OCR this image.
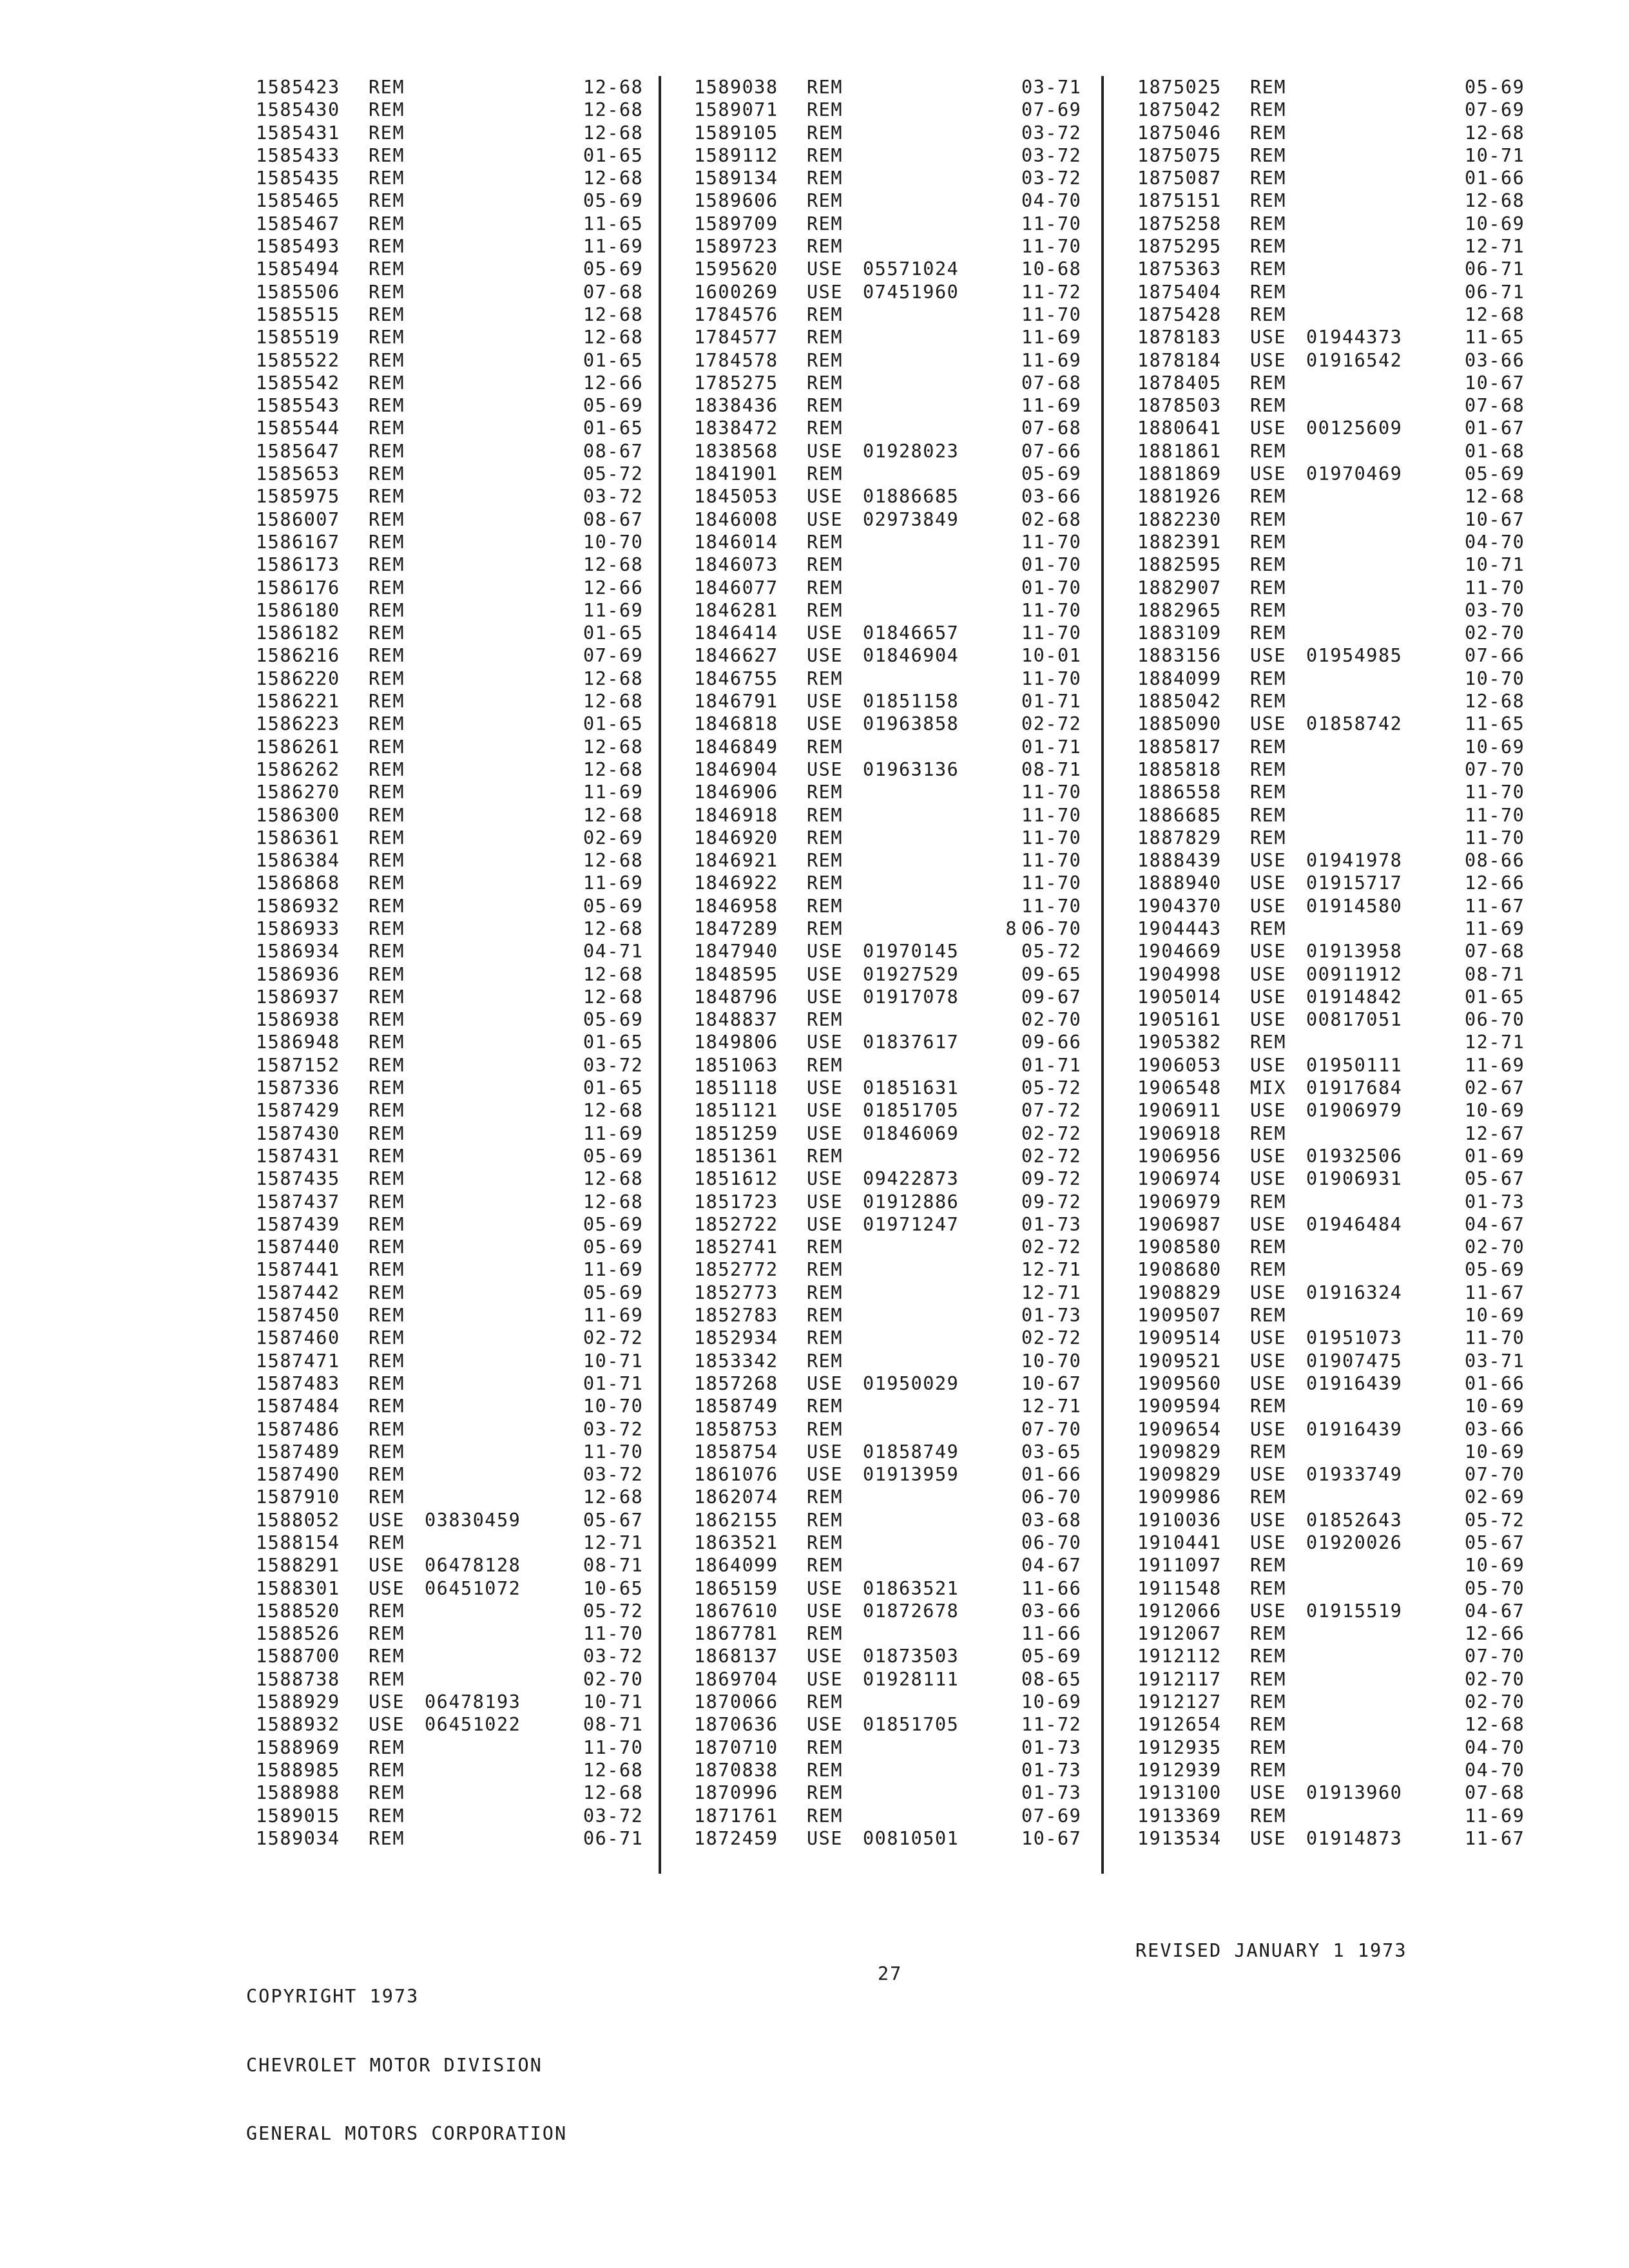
1585423 REM	12-68
1585430 REM	12-68
1585431 REM	12-68
1585433 REM	01-65
1585435 REM	12-68
1585465 REM	05-69
1585467 REM	11-65
1585493 REM	11-69
1585494 REM	05-69
1585506 REM	07-68
1585515 REM	12-68
1585519 REM	12-68
1585522 REM	01-65
1585542 REM	12-66
1585543 REM	05-69
1585544 REM	01-65
1585647 REM	08-67
1585653 REM	05-72
1585975 REM	03-72
1586007 REM	08-67
1586167 REM	10-70
1586173 REM	12-68
1586176 REM	12-66
1586180 REM	11-69
1586182 REM	01-65
1586216 REM	07-69
1586220 REM	12-68
1586221 REM	12-68
1586223 REM	01-65
1586261 REM	12-68
1586262 REM	12-68
1586270 REM	11-69
1586300 REM	12-68
1586361 REM	02-69
1586384 REM	12-68
1586868 REM	11-69
1586932 REM	05-69
1586933 REM	12-68
1586934 REM	04-71
1586936 REM	12-68
1586937 REM	12-68
1586938 REM	05-69
1586948 REM	01-65
1587152 REM	03-72
1587336 REM	01-65
1587429 REM	12-68
1587430 REM	11-69
1587431 REM	05-69
1587435 REM	12-68
1587437 REM	12-68
1587439 REM	05-69
1587440 REM	05-69
1587441 REM	11-69
1587442 REM	05-69
1587450 REM	11-69
1587460 REM	02-72
1587471 REM	10-71
1587483 REM	01-71
1587484 REM	10-70
1587486 REM	03-72
1587489 REM	11-70
1587490 REM	03-72
1587910 REM	12-68
1588052 USE 03830459	05-67
1588154 REM	12-71
1588291 USE 06478128	08-71
1588301 USE 06451072	10-65
1588520 REM	05-72
1588526 REM	11-70
1588700 REM	03-72
1588738 REM	02-70
1588929 USE 06478193	10-71
1588932 USE 06451022	08-71
1588969 REM	11-70
1588985 REM	12-68
1588988 REM	12-68
1589015 REM	03-72
1589034 REM	06-71
1589038 REM	03-71
1589071 REM	07-69
1589105 REM	03-72
1589112 REM	03-72
1589134 REM	03-72
1589606 REM	04-70
1589709 REM	11-70
1589723 REM	11-70
1595620 USE 05571024	10-68
1600269 USE 07451960	11-72
1784576 REM	11-70
1784577 REM	11-69
1784578 REM	11-69
1785275 REM	07-68
1838436 REM	11-69
1838472 REM	07-68
1838568 USE 01928023	07-66
1841901 REM	05-69
1845053 USE 01886685	03-66
1846008 USE 02973849	02-68
1846014 REM	11-70
1846073 REM	01-70
1846077 REM	01-70
1846281 REM	11-70
1846414 USE 01846657	11-70
1846627 USE 01846904	10-01
1846755 REM	11-70
1846791 USE 01851158	01-71
1846818 USE 01963858	02-72
1846849 REM	01-71
1846904 USE 01963136	08-71
1846906 REM	11-70
1846918 REM	11-70
1846920 REM	11-70
1846921 REM	11-70
1846922 REM	11-70
1846958 REM	11-70
1847289 REM	8 06-70
1847940 USE 01970145	05-72
1848595 USE 01927529	09-65
1848796 USE 01917078	09-67
1848837 REM	02-70
1849806 USE 01837617	09-66
1851063 REM	01-71
1851118 USE 01851631	05-72
1851121 USE 01851705	07-72
1851259 USE 01846069	02-72
1851361 REM	02-72
1851612 USE 09422873	09-72
1851723 USE 01912886	09-72
1852722 USE 01971247	01-73
1852741 REM	02-72
1852772 REM	12-71
1852773 REM	12-71
1852783 REM	01-73
1852934 REM	02-72
1853342 REM	10-70
1857268 USE 01950029	10-67
1858749 REM	12-71
1858753 REM	07-70
1858754 USE 01858749	03-65
1861076 USE 01913959	01-66
1862074 REM	06-70
1862155 REM	03-68
1863521 REM	06-70
1864099 REM	04-67
1865159 USE 01863521	11-66
1867610 USE 01872678	03-66
1867781 REM	11-66
1868137 USE 01873503	05-69
1869704 USE 01928111	08-65
1870066 REM	10-69
1870636 USE 01851705	11-72
1870710 REM	01-73
1870838 REM	01-73
1870996 REM	01-73
1871761 REM	07-69
1872459 USE 00810501	10-67
1875025 REM	05-69
1875042 REM	07-69
1875046 REM	12-68
1875075 REM	10-71
1875087 REM	01-66
1875151 REM	12-68
1875258 REM	10-69
1875295 REM	12-71
1875363 REM	06-71
1875404 REM	06-71
1875428 REM	12-68
1878183 USE 01944373	11-65
1878184 USE 01916542	03-66
1878405 REM	10-67
1878503 REM	07-68
1880641 USE 00125609	01-67
1881861 REM	01-68
1881869 USE 01970469	05-69
1881926 REM	12-68
1882230 REM	10-67
1882391 REM	04-70
1882595 REM	10-71
1882907 REM	11-70
1882965 REM	03-70
1883109 REM	02-70
1883156 USE 01954985	07-66
1884099 REM	10-70
1885042 REM	12-68
1885090 USE 01858742	11-65
1885817 REM	10-69
1885818 REM	07-70
1886558 REM	11-70
1886685 REM	11-70
1887829 REM	11-70
1888439 USE 01941978	08-66
1888940 USE 01915717	12-66
1904370 USE 01914580	11-67
1904443 REM	11-69
1904669 USE 01913958	07-68
1904998 USE 00911912	08-71
1905014 USE 01914842	01-65
1905161 USE 00817051	06-70
1905382 REM	12-71
1906053 USE 01950111	11-69
1906548 MIX 01917684	02-67
1906911 USE 01906979	10-69
1906918 REM	12-67
1906956 USE 01932506	01-69
1906974 USE 01906931	05-67
1906979 REM	01-73
1906987 USE 01946484	04-67
1908580 REM	02-70
1908680 REM	05-69
1908829 USE 01916324	11-67
1909507 REM	10-69
1909514 USE 01951073	11-70
1909521 USE 01907475	03-71
1909560 USE 01916439	01-66
1909594 REM	10-69
1909654 USE 01916439	03-66
1909829 REM	10-69
1909829 USE 01933749	07-70
1909986 REM	02-69
1910036 USE 01852643	05-72
1910441 USE 01920026	05-67
1911097 REM	10-69
1911548 REM	05-70
1912066 USE 01915519	04-67
1912067 REM	12-66
1912112 REM	07-70
1912117 REM	02-70
1912127 REM	02-70
1912654 REM	12-68
1912935 REM	04-70
1912939 REM	04-70
1913100 USE 01913960	07-68
1913369 REM	11-69
1913534 USE 01914873	11-67

COPYRIGHT 1973

CHEVROLET MOTOR DIVISION

GENERAL MOTORS CORPORATION

27
REVISED JANUARY 1 1973
